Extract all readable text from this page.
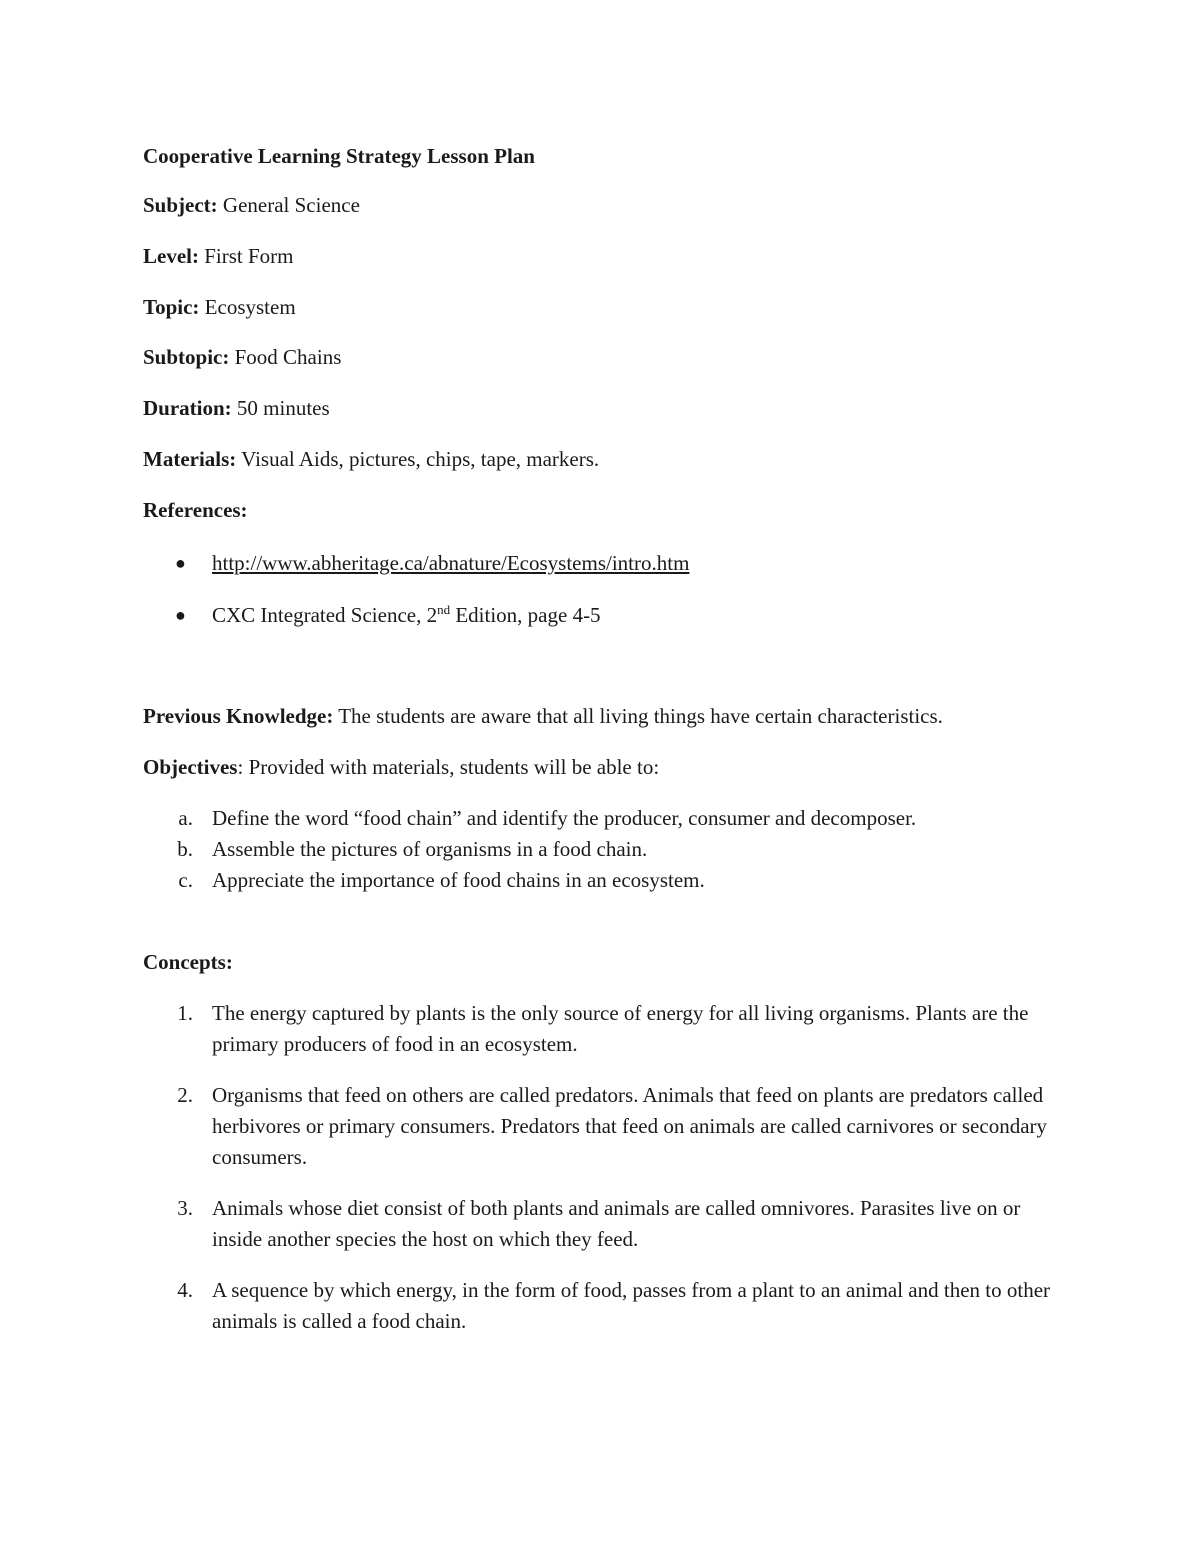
Cooperative Learning Strategy Lesson Plan
Subject: General Science
Level: First Form
Topic: Ecosystem
Subtopic: Food Chains
Duration: 50 minutes
Materials: Visual Aids, pictures, chips, tape, markers.
References:
● http://www.abheritage.ca/abnature/Ecosystems/intro.htm
● CXC Integrated Science, 2nd Edition, page 4-5
Previous Knowledge: The students are aware that all living things have certain characteristics.
Objectives: Provided with materials, students will be able to:
a. Define the word “food chain” and identify the producer, consumer and decomposer.
b. Assemble the pictures of organisms in a food chain.
c. Appreciate the importance of food chains in an ecosystem.
Concepts:
1. The energy captured by plants is the only source of energy for all living organisms. Plants are the primary producers of food in an ecosystem.
2. Organisms that feed on others are called predators. Animals that feed on plants are predators called herbivores or primary consumers. Predators that feed on animals are called carnivores or secondary consumers.
3. Animals whose diet consist of both plants and animals are called omnivores. Parasites live on or inside another species the host on which they feed.
4. A sequence by which energy, in the form of food, passes from a plant to an animal and then to other animals is called a food chain.
